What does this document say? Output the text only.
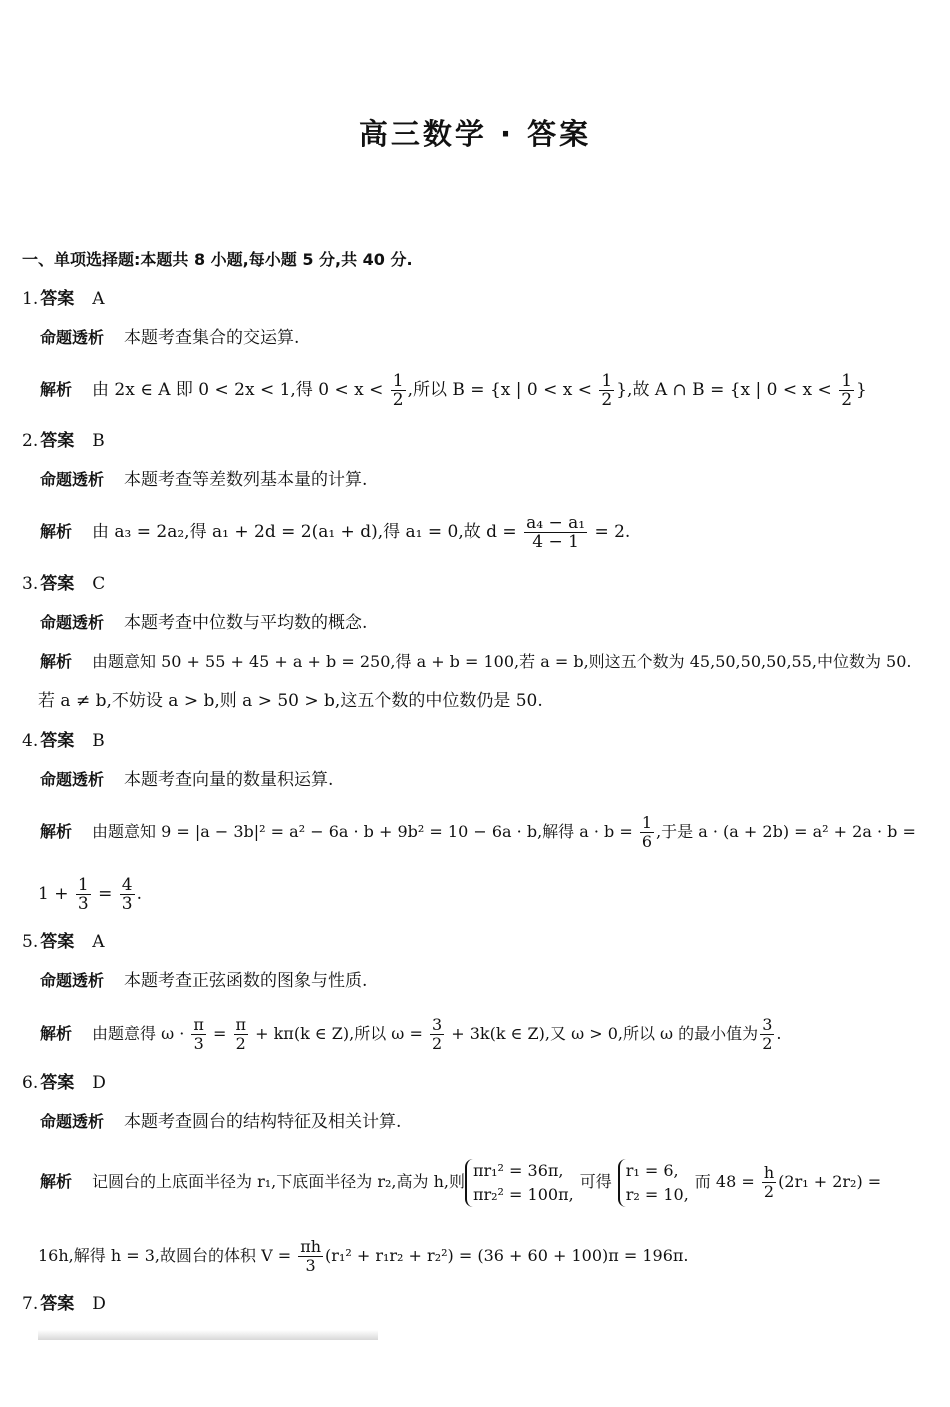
高三数学 · 答案
一、单项选择题:本题共 8 小题,每小题 5 分,共 40 分.
1. 答案 A
命题透析 本题考查集合的交运算.
解析 由 2x ∈ A 即 0 < 2x < 1,得 $0 < x < \frac{1}{2}$ ,所以 B = {x | $0 < x < \frac{1}{2}$ },故 A ∩ B = {x | $0 < x < \frac{1}{2}$ }
2. 答案 B
命题透析 本题考查等差数列基本量的计算.
解析 由 a₃ = 2a₂,得 a₁ + 2d = 2(a₁ + d),得 a₁ = 0,故 $d = \frac{\text{a₄ − a₁}}{4 - 1} = 2$.
3. 答案 C
命题透析 本题考查中位数与平均数的概念.
解析 由题意知 50 + 55 + 45 + a + b = 250,得 a + b = 100,若 a = b,则这五个数为 45,50,50,50,55,中位数为 50.
若 a ≠ b,不妨设 a > b,则 a > 50 > b,这五个数的中位数仍是 50.
4. 答案 B
命题透析 本题考查向量的数量积运算.
解析 由题意知 9 = |a − 3b|² = a² − 6a · b + 9b² = 10 − 6a · b,解得 $a \cdot b = \frac{1}{6}$ ,于是 a · (a + 2b) = a² + 2a · b =
$1 + \frac{1}{3} = \frac{4}{3}$ .
5. 答案 A
命题透析 本题考查正弦函数的图象与性质.
解析 由题意得 $\omega \cdot \frac{\pi}{3} = \frac{\pi}{2} + k\pi(k$ ∈ Z),所以 $\omega = \frac{3}{2} + 3k(k$ ∈ Z),又 ω > 0,所以 ω 的最小值为 $\frac{3}{2}$ .
6. 答案 D
命题透析 本题考查圆台的结构特征及相关计算.
解析 记圆台的上底面半径为 r₁,下底面半径为 r₂,高为 h,则
πr₁² = 36π,
πr₂² = 100π,
可得
r₁ = 6,
r₂ = 10,
而 $48 = \frac{h}{2} (2r_1 + 2r_2)$ =
16h,解得 h = 3,故圆台的体积 $V = \frac{\pi h}{3} (r_1^2 + r_1r_2 + r_2^2) = (36 + 60 + 100)\pi = 196\pi$.
7. 答案 D
